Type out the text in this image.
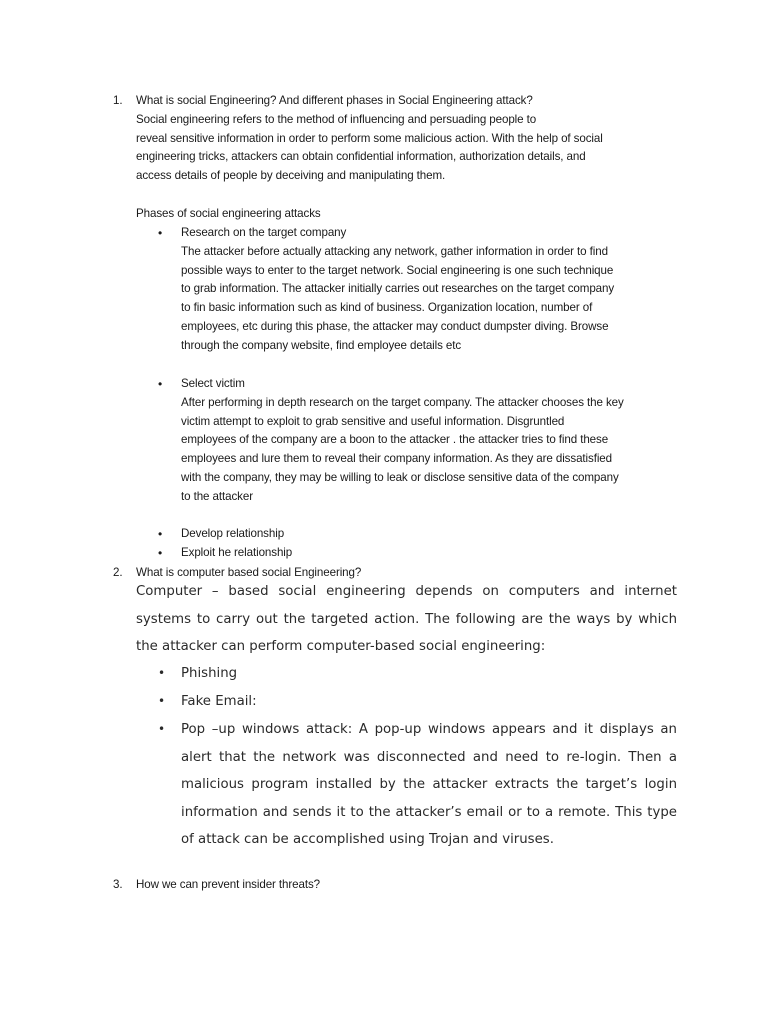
1. What is social Engineering? And different phases in Social Engineering attack?

Social engineering refers to the method of influencing and persuading people to

reveal sensitive information in order to perform some malicious action. With the help of social

engineering tricks, attackers can obtain confidential information, authorization details, and

access details of people by deceiving and manipulating them.

Phases of social engineering attacks

• Research on the target company

The attacker before actually attacking any network, gather information in order to find

possible ways to enter to the target network. Social engineering is one such technique

to grab information. The attacker initially carries out researches on the target company

to fin basic information such as kind of business. Organization location, number of

employees, etc during this phase, the attacker may conduct dumpster diving. Browse

through the company website, find employee details etc

• Select victim

After performing in depth research on the target company. The attacker chooses the key

victim attempt to exploit to grab sensitive and useful information. Disgruntled

employees of the company are a boon to the attacker . the attacker tries to find these

employees and lure them to reveal their company information. As they are dissatisfied

with the company, they may be willing to leak or disclose sensitive data of the company

to the attacker

• Develop relationship

• Exploit he relationship

2. What is computer based social Engineering?

Computer – based social engineering depends on computers and internet systems to carry out the targeted action. The following are the ways by which the attacker can perform computer-based social engineering:

• Phishing

• Fake Email:

• Pop –up windows attack: A pop-up windows appears and it displays an alert that the network was disconnected and need to re-login. Then a malicious program installed by the attacker extracts the target’s login information and sends it to the attacker’s email or to a remote. This type of attack can be accomplished using Trojan and viruses.

3. How we can prevent insider threats?
